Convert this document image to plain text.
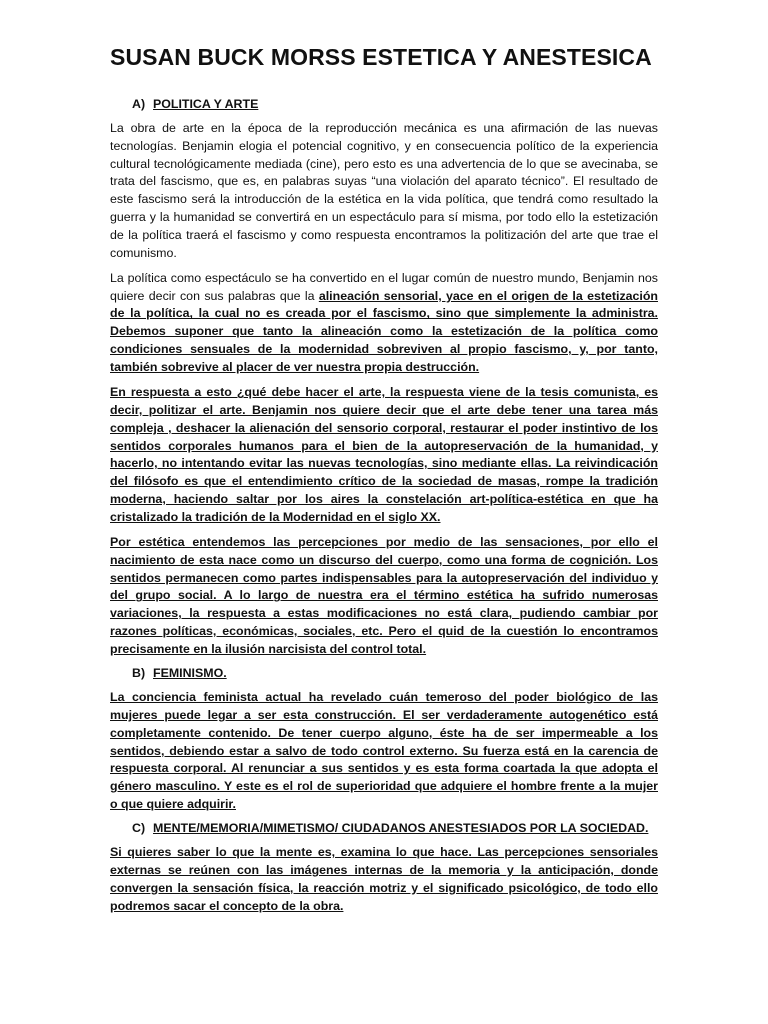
SUSAN BUCK MORSS ESTETICA Y ANESTESICA
A) POLITICA Y ARTE

La obra de arte en la época de la reproducción mecánica es una afirmación de las nuevas tecnologías. Benjamin elogia el potencial cognitivo, y en consecuencia político de la experiencia cultural tecnológicamente mediada (cine), pero esto es una advertencia de lo que se avecinaba, se trata del fascismo, que es, en palabras suyas “una violación del aparato técnico”. El resultado de este fascismo será la introducción de la estética en la vida política, que tendrá como resultado la guerra y la humanidad se convertirá en un espectáculo para sí misma, por todo ello la estetización de la política traerá el fascismo y como respuesta encontramos la politización del arte que trae el comunismo.

La política como espectáculo se ha convertido en el lugar común de nuestro mundo, Benjamin nos quiere decir con sus palabras que la alineación sensorial, yace en el origen de la estetización de la política, la cual no es creada por el fascismo, sino que simplemente la administra. Debemos suponer que tanto la alineación como la estetización de la política como condiciones sensuales de la modernidad sobreviven al propio fascismo, y, por tanto, también sobrevive al placer de ver nuestra propia destrucción.

En respuesta a esto ¿qué debe hacer el arte, la respuesta viene de la tesis comunista, es decir, politizar el arte. Benjamin nos quiere decir que el arte debe tener una tarea más compleja , deshacer la alienación del sensorio corporal, restaurar el poder instintivo de los sentidos corporales humanos para el bien de la autopreservación de la humanidad, y hacerlo, no intentando evitar las nuevas tecnologías, sino mediante ellas. La reivindicación del filósofo es que el entendimiento crítico de la sociedad de masas, rompe la tradición moderna, haciendo saltar por los aires la constelación art-política-estética en que ha cristalizado la tradición de la Modernidad en el siglo XX.

Por estética entendemos las percepciones por medio de las sensaciones, por ello el nacimiento de esta nace como un discurso del cuerpo, como una forma de cognición. Los sentidos permanecen como partes indispensables para la autopreservación del individuo y del grupo social. A lo largo de nuestra era el término estética ha sufrido numerosas variaciones, la respuesta a estas modificaciones no está clara, pudiendo cambiar por razones políticas, económicas, sociales, etc. Pero el quid de la cuestión lo encontramos precisamente en la ilusión narcisista del control total.

B) FEMINISMO.

La conciencia feminista actual ha revelado cuán temeroso del poder biológico de las mujeres puede legar a ser esta construcción. El ser verdaderamente autogenético está completamente contenido. De tener cuerpo alguno, éste ha de ser impermeable a los sentidos, debiendo estar a salvo de todo control externo. Su fuerza está en la carencia de respuesta corporal. Al renunciar a sus sentidos y es esta forma coartada la que adopta el género masculino. Y este es el rol de superioridad que adquiere el hombre frente a la mujer o que quiere adquirir.

C) MENTE/MEMORIA/MIMETISMO/ CIUDADANOS ANESTESIADOS POR LA SOCIEDAD.

Si quieres saber lo que la mente es, examina lo que hace. Las percepciones sensoriales externas se reúnen con las imágenes internas de la memoria y la anticipación, donde convergen la sensación física, la reacción motriz y el significado psicológico, de todo ello podremos sacar el concepto de la obra.
